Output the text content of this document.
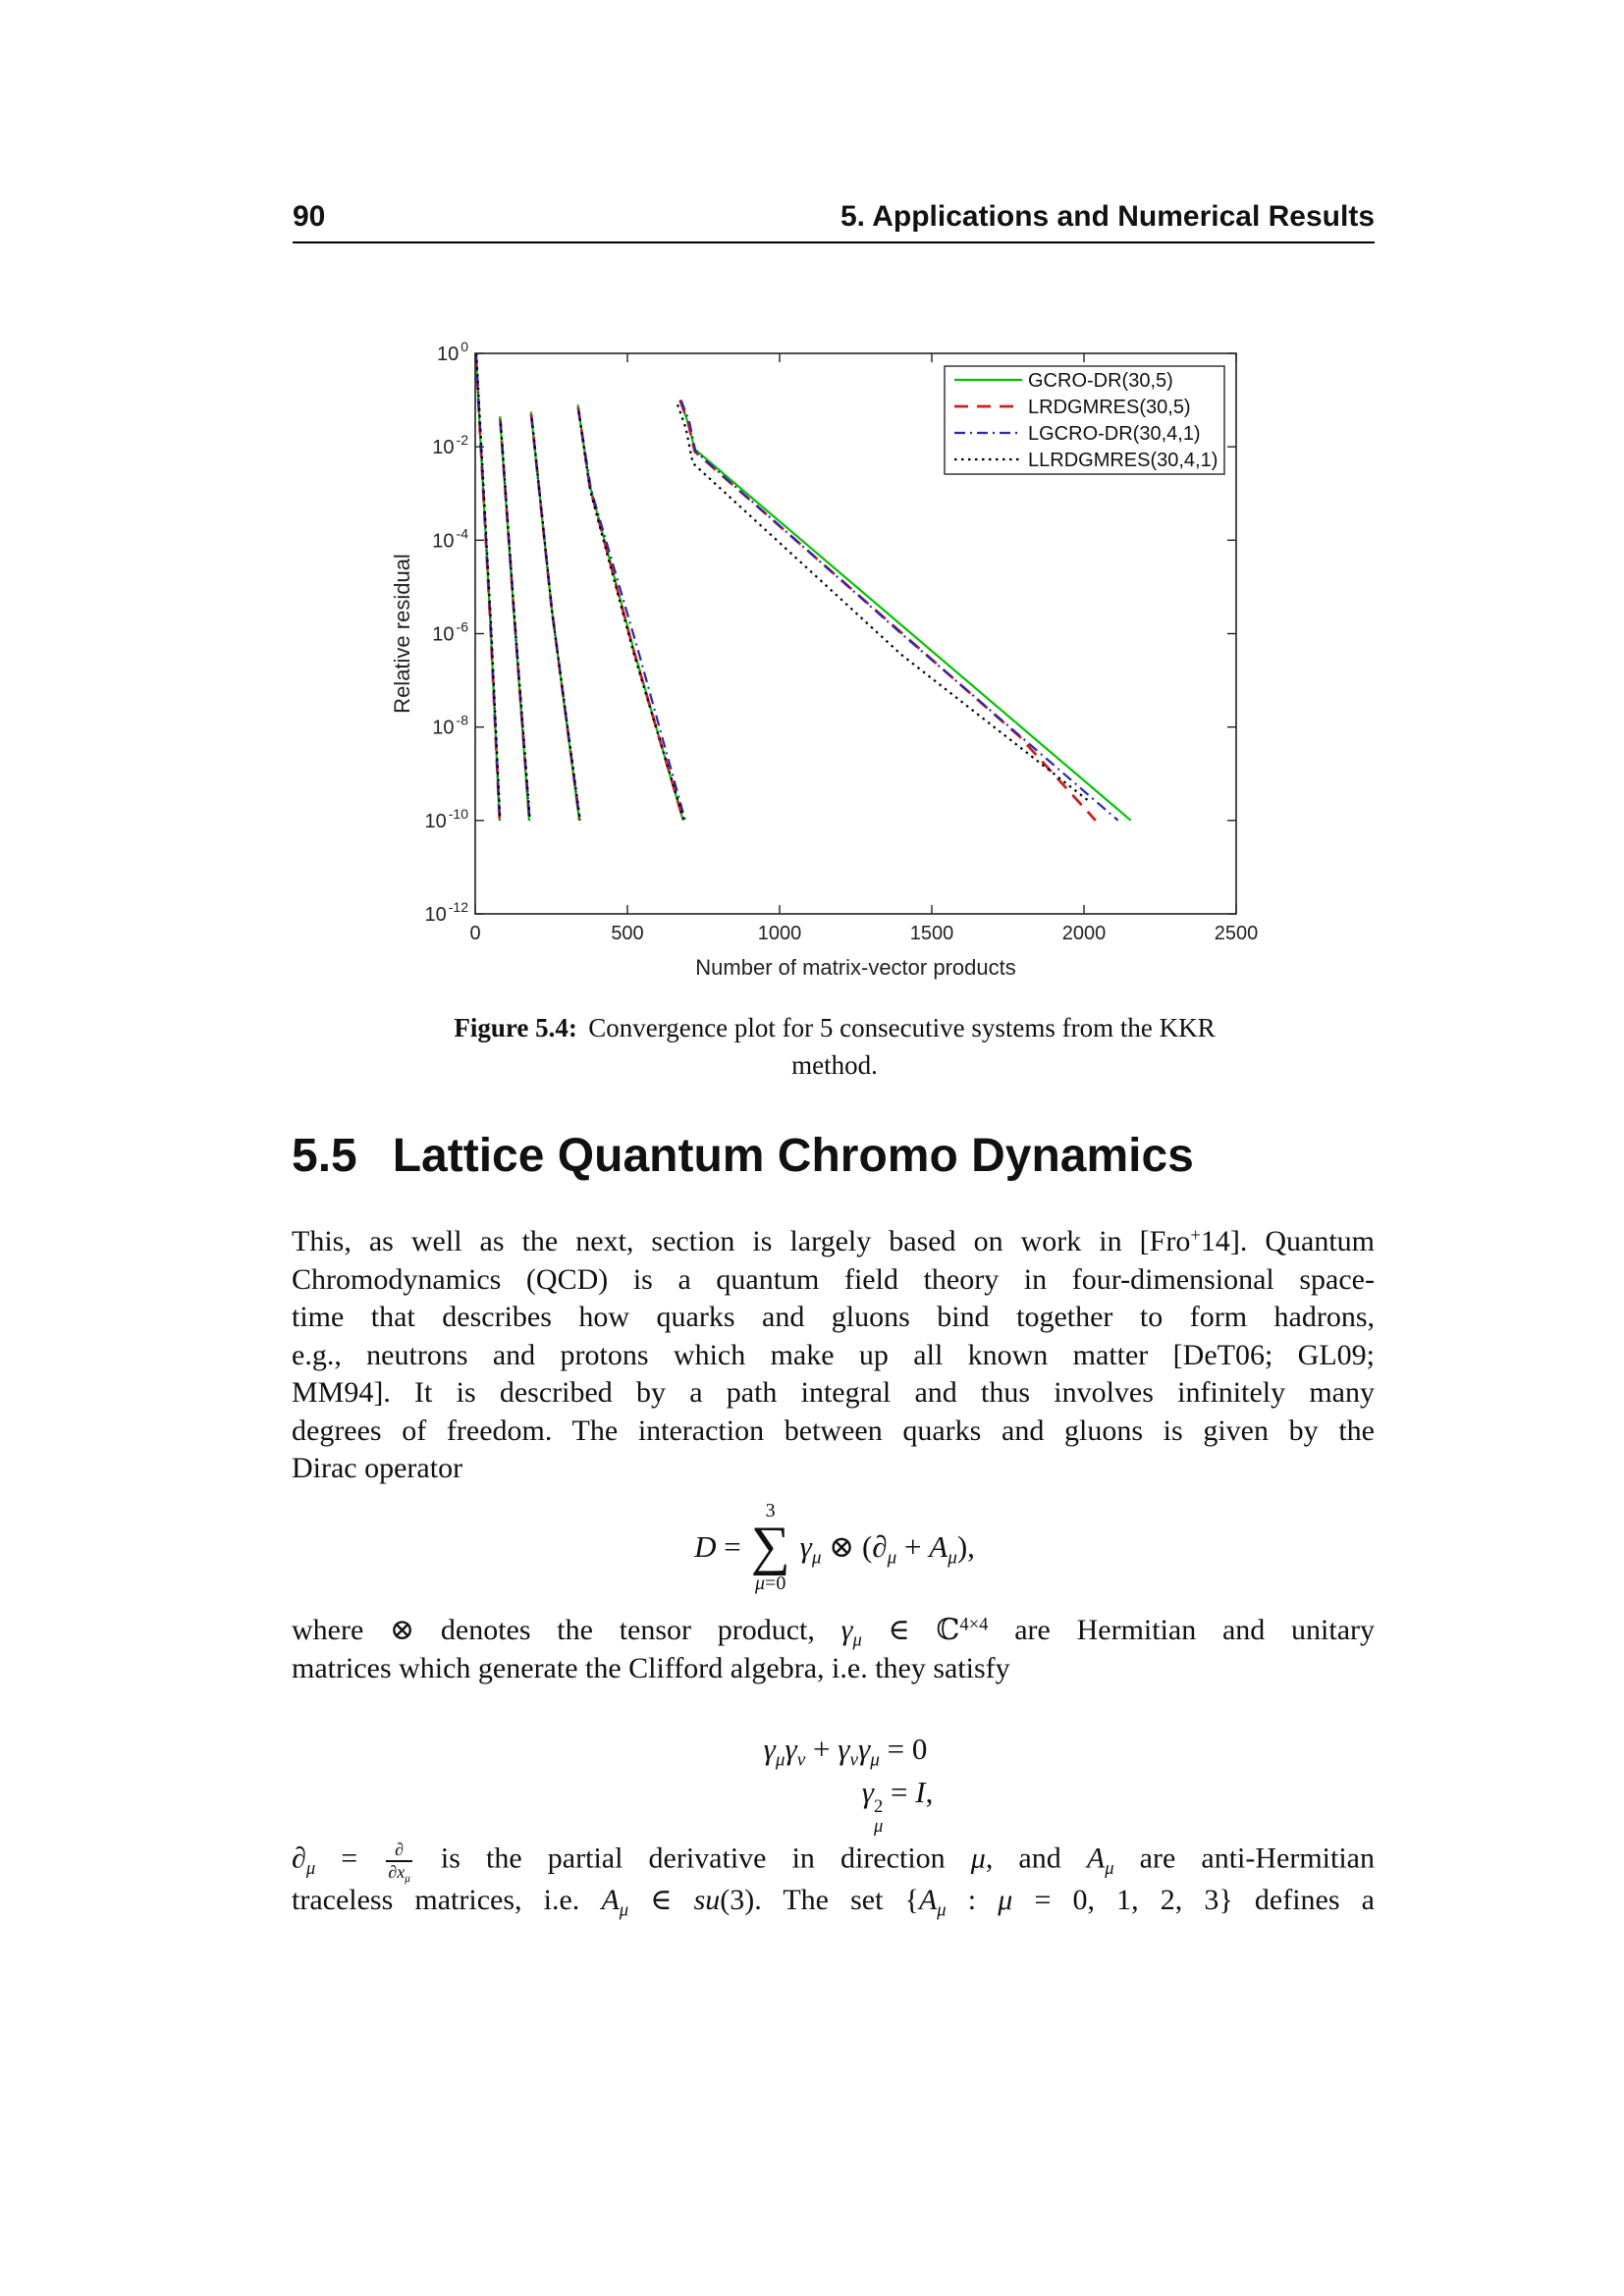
90	5. Applications and Numerical Results
0	500	1000	1500	2000	2500
10 $^0$
10 $^{-2}$
10 $^{-4}$
10 $^{-6}$
10 $^{-8}$
10 $^{-10}$
10 $^{-12}$
Number of matrix-vector products
Relative residual
GCRO-DR(30,5)
LRDGMRES(30,5)
LGCRO-DR(30,4,1)
LLRDGMRES(30,4,1)
Figure 5.4: Convergence plot for 5 consecutive systems from the KKR
method.
5.5 Lattice Quantum Chromo Dynamics
This, as well as the next, section is largely based on work in [Fro+14]. Quantum
Chromodynamics (QCD) is a quantum field theory in four-dimensional space-
time that describes how quarks and gluons bind together to form hadrons,
e.g., neutrons and protons which make up all known matter [DeT06; GL09;
MM94]. It is described by a path integral and thus involves infinitely many
degrees of freedom. The interaction between quarks and gluons is given by the
Dirac operator
D =
3
∑
μ=0
$\gamma_\mu$ ⊗ $(\partial_\mu + A_\mu)$,
where ⊗ denotes the tensor product, $\gamma_\mu$ ∈ ℂ$^{4\times 4}$ are Hermitian and unitary
matrices which generate the Clifford algebra, i.e. they satisfy
$\gamma_\mu\gamma_\nu + \gamma_\nu\gamma_\mu = 0$
γ 2
μ
= I,
$\partial_\mu = \frac{\partial}{\partial x_\mu}$ is the partial derivative in direction μ, and $A_\mu$ are anti-Hermitian
traceless matrices, i.e. $A_\mu$ ∈ su(3). The set {$A_\mu$ : μ = 0, 1, 2, 3} defines a
